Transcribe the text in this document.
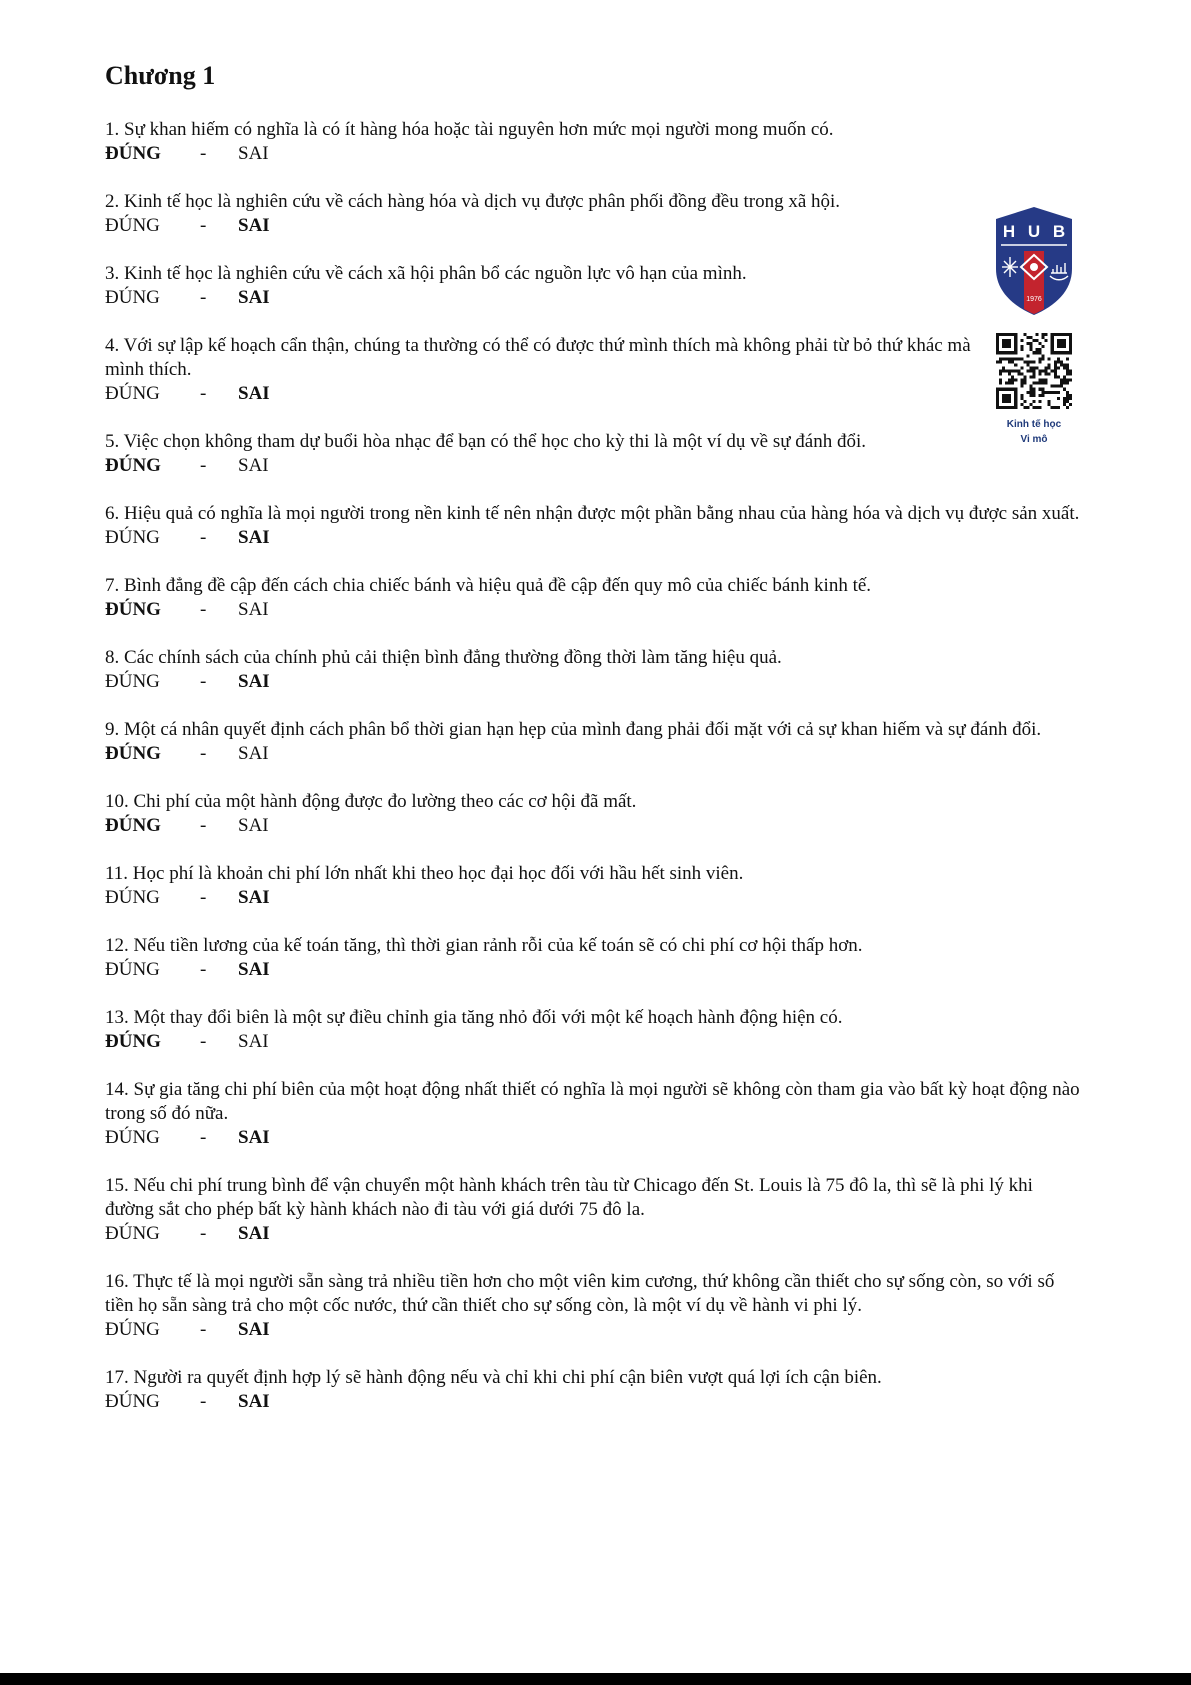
Chương 1
1. Sự khan hiếm có nghĩa là có ít hàng hóa hoặc tài nguyên hơn mức mọi người mong muốn có.
ĐÚNG - SAI
2. Kinh tế học là nghiên cứu về cách hàng hóa và dịch vụ được phân phối đồng đều trong xã hội.
ĐÚNG - SAI
3. Kinh tế học là nghiên cứu về cách xã hội phân bổ các nguồn lực vô hạn của mình.
ĐÚNG - SAI
4. Với sự lập kế hoạch cẩn thận, chúng ta thường có thể có được thứ mình thích mà không phải từ bỏ thứ khác mà mình thích.
ĐÚNG - SAI
5. Việc chọn không tham dự buổi hòa nhạc để bạn có thể học cho kỳ thi là một ví dụ về sự đánh đổi.
ĐÚNG - SAI
6. Hiệu quả có nghĩa là mọi người trong nền kinh tế nên nhận được một phần bằng nhau của hàng hóa và dịch vụ được sản xuất.
ĐÚNG - SAI
7. Bình đẳng đề cập đến cách chia chiếc bánh và hiệu quả đề cập đến quy mô của chiếc bánh kinh tế.
ĐÚNG - SAI
8. Các chính sách của chính phủ cải thiện bình đẳng thường đồng thời làm tăng hiệu quả.
ĐÚNG - SAI
9. Một cá nhân quyết định cách phân bổ thời gian hạn hẹp của mình đang phải đối mặt với cả sự khan hiếm và sự đánh đổi.
ĐÚNG - SAI
10. Chi phí của một hành động được đo lường theo các cơ hội đã mất.
ĐÚNG - SAI
11. Học phí là khoản chi phí lớn nhất khi theo học đại học đối với hầu hết sinh viên.
ĐÚNG - SAI
12. Nếu tiền lương của kế toán tăng, thì thời gian rảnh rỗi của kế toán sẽ có chi phí cơ hội thấp hơn.
ĐÚNG - SAI
13. Một thay đổi biên là một sự điều chỉnh gia tăng nhỏ đối với một kế hoạch hành động hiện có.
ĐÚNG - SAI
14. Sự gia tăng chi phí biên của một hoạt động nhất thiết có nghĩa là mọi người sẽ không còn tham gia vào bất kỳ hoạt động nào trong số đó nữa.
ĐÚNG - SAI
15. Nếu chi phí trung bình để vận chuyển một hành khách trên tàu từ Chicago đến St. Louis là 75 đô la, thì sẽ là phi lý khi đường sắt cho phép bất kỳ hành khách nào đi tàu với giá dưới 75 đô la.
ĐÚNG - SAI
16. Thực tế là mọi người sẵn sàng trả nhiều tiền hơn cho một viên kim cương, thứ không cần thiết cho sự sống còn, so với số tiền họ sẵn sàng trả cho một cốc nước, thứ cần thiết cho sự sống còn, là một ví dụ về hành vi phi lý.
ĐÚNG - SAI
17. Người ra quyết định hợp lý sẽ hành động nếu và chỉ khi chi phí cận biên vượt quá lợi ích cận biên.
ĐÚNG - SAI
H U B
1976
Kinh tế học
Vi mô
